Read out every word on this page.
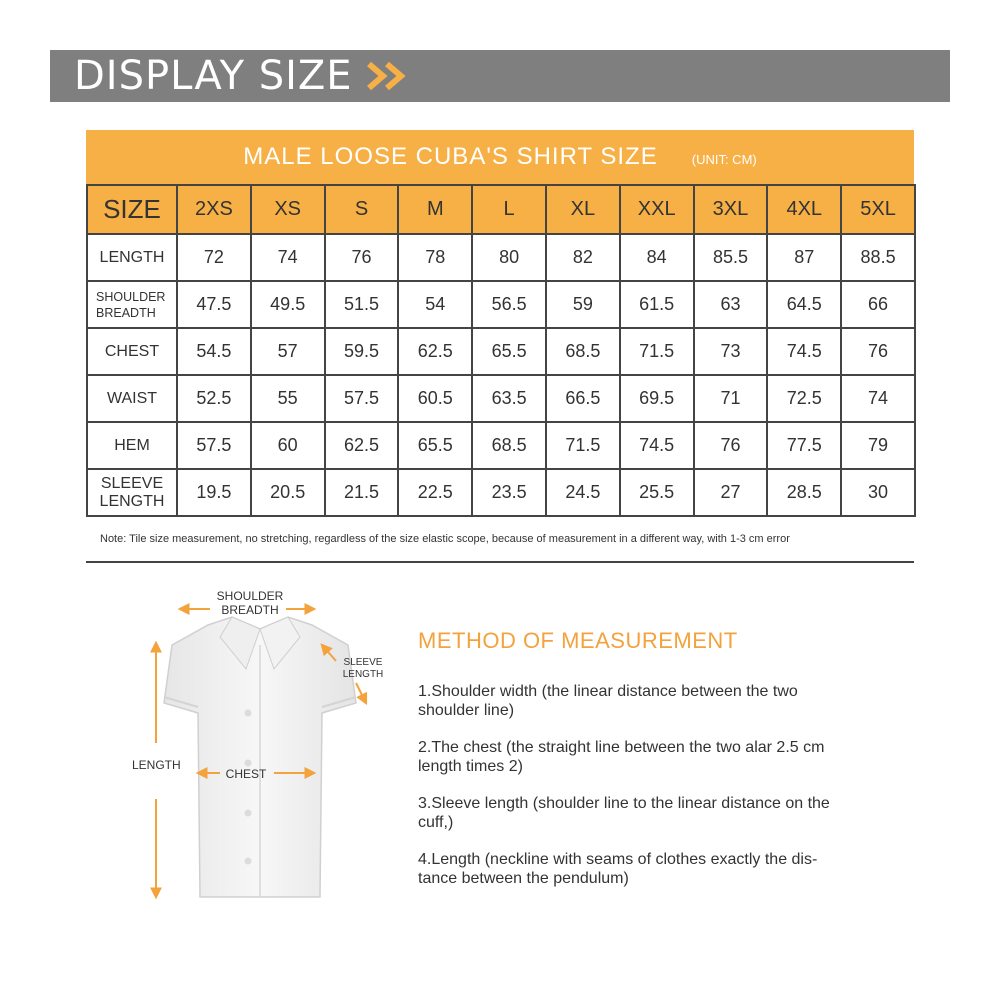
DISPLAY SIZE
MALE LOOSE CUBA'S SHIRT SIZE	(UNIT: CM)
SIZE	2XS	XS	S	M	L	XL	XXL	3XL	4XL	5XL
LENGTH	72	74	76	78	80	82	84	85.5	87	88.5
SHOULDER
BREADTH	47.5	49.5	51.5	54	56.5	59	61.5	63	64.5	66
CHEST	54.5	57	59.5	62.5	65.5	68.5	71.5	73	74.5	76
WAIST	52.5	55	57.5	60.5	63.5	66.5	69.5	71	72.5	74
HEM	57.5	60	62.5	65.5	68.5	71.5	74.5	76	77.5	79
SLEEVE
LENGTH	19.5	20.5	21.5	22.5	23.5	24.5	25.5	27	28.5	30
Note: Tile size measurement, no stretching, regardless of the size elastic scope, because of measurement in a different way, with 1-3 cm error
SHOULDER
BREADTH
SLEEVE
LENGTH
LENGTH
CHEST
METHOD OF MEASUREMENT
1.Shoulder width (the linear distance between the two
shoulder line)
2.The chest (the straight line between the two alar 2.5 cm
length times 2)
3.Sleeve length (shoulder line to the linear distance on the
cuff,)
4.Length (neckline with seams of clothes exactly the dis-
tance between the pendulum)
